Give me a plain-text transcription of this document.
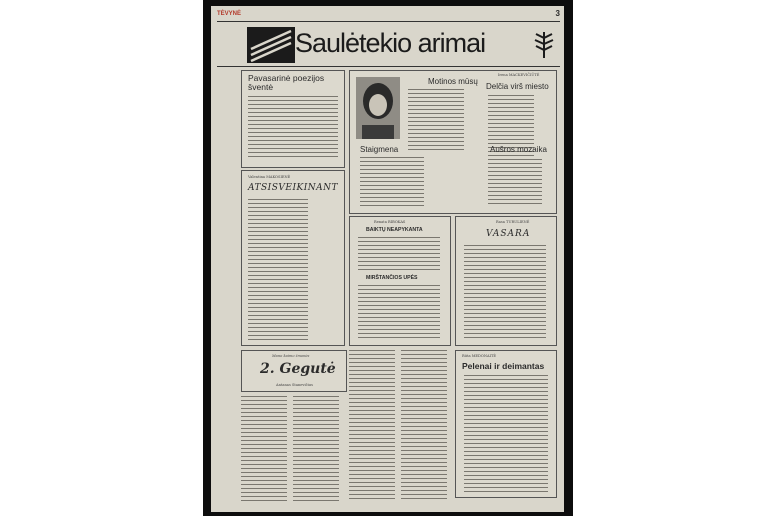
TĖVYNĖ	3
Saulėtekio arimai
Pavasarinė poezijos šventė
Valentina MAKOSIENĖ
ATSISVEIKINANT
Motinos mūsų
Irena MACKEVIČIŪTĖ
Delčia virš miesto
Staigmena	Aušros mozaika
Renata RIBOKAS
BAIKTŲ NEAPYKANTA
MIRŠTANČIOS UPĖS
Rasa TURULIENĖ
VASARA
Mano kaimo žmonės
2. Gegutė
Antanas Stanevičius
Rūta MEDONAITĖ
Pelenai ir deimantas
